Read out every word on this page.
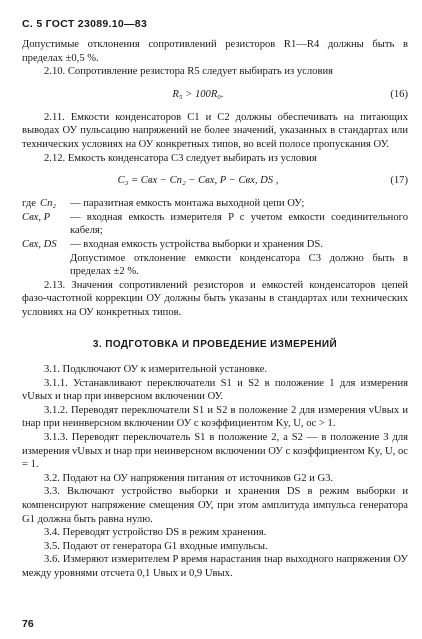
С. 5 ГОСТ 23089.10—83

Допустимые отклонения сопротивлений резисторов R1—R4 должны быть в пределах ±0,5 %.

2.10. Сопротивление резистора R5 следует выбирать из условия

R₅ > 100R₀.	(16)

2.11. Емкости конденсаторов C1 и C2 должны обеспечивать на питающих выводах ОУ пульсацию напряжений не более значений, указанных в стандартах или технических условиях на ОУ конкретных типов, во всей полосе пропускания ОУ.

2.12. Емкость конденсатора C3 следует выбирать из условия

C₃ = Cвх − Cп₂ − Cвх, P − Cвх, DS ,	(17)
где Cп₂	— паразитная емкость монтажа выходной цепи ОУ;
Cвх, P	— входная емкость измерителя P с учетом емкости соединительного кабеля;
Cвх, DS	— входная емкость устройства выборки и хранения DS.

Допустимое отклонение емкости конденсатора C3 должно быть в пределах ±2 %.

2.13. Значения сопротивлений резисторов и емкостей конденсаторов цепей фазо-частотной коррекции ОУ должны быть указаны в стандартах или технических условиях на ОУ конкретных типов.

3. ПОДГОТОВКА И ПРОВЕДЕНИЕ ИЗМЕРЕНИЙ

3.1. Подключают ОУ к измерительной установке.

3.1.1. Устанавливают переключатели S1 и S2 в положение 1 для измерения vUвых и tнар при инверсном включении ОУ.

3.1.2. Переводят переключатели S1 и S2 в положение 2 для измерения vUвых и tнар при неинверсном включении ОУ с коэффициентом Ky, U, oc > 1.

3.1.3. Переводят переключатель S1 в положение 2, а S2 — в положение 3 для измерения vUвых и tнар при неинверсном включении ОУ с коэффициентом Ky, U, oc = 1.

3.2. Подают на ОУ напряжения питания от источников G2 и G3.

3.3. Включают устройство выборки и хранения DS в режим выборки и компенсируют напряжение смещения ОУ, при этом амплитуда импульса генератора G1 должна быть равна нулю.

3.4. Переводят устройство DS в режим хранения.

3.5. Подают от генератора G1 входные импульсы.

3.6. Измеряют измерителем P время нарастания tнар выходного напряжения ОУ между уровнями отсчета 0,1 Uвых и 0,9 Uвых.

76
